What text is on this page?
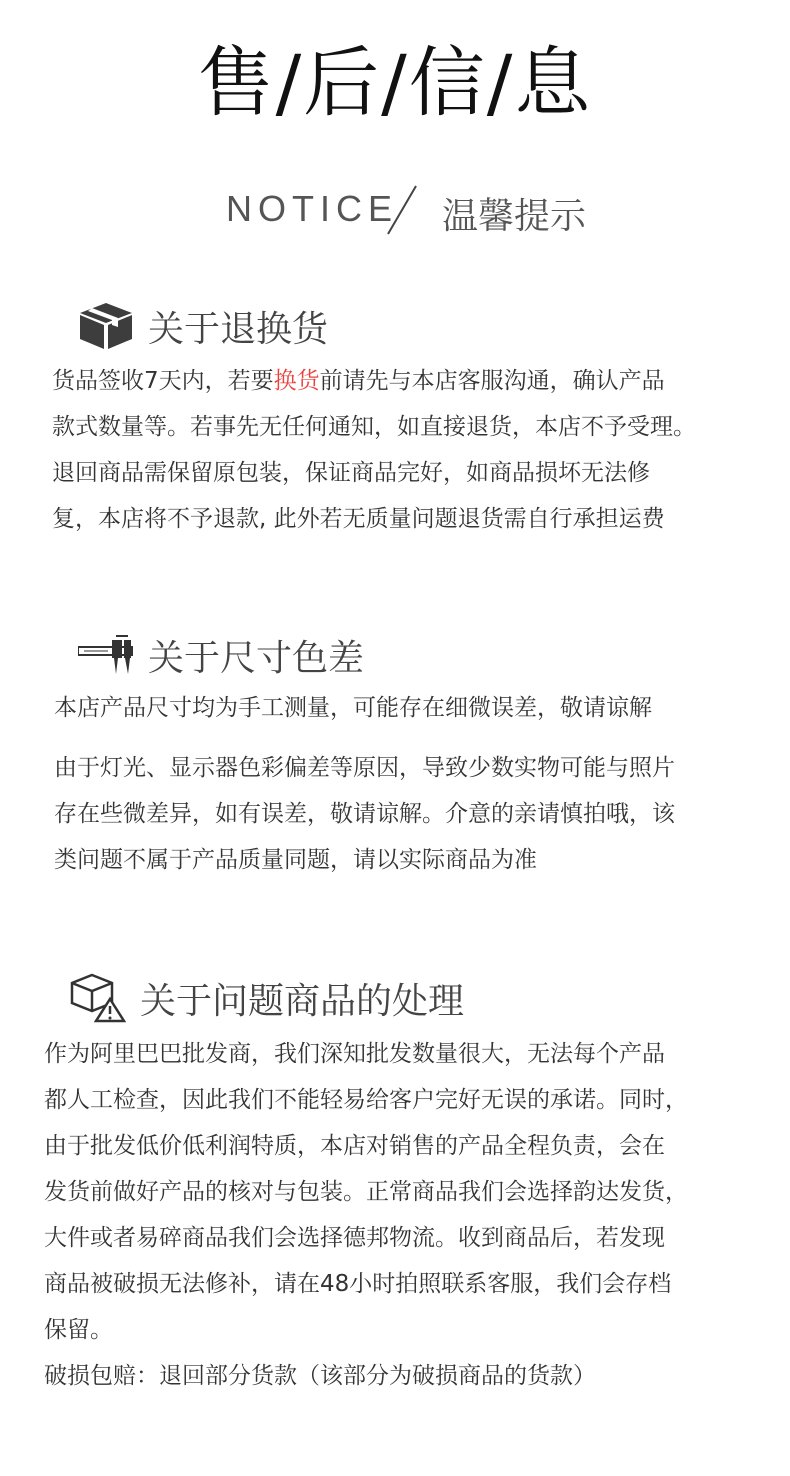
售/后/信/息
NOTICE 温馨提示
关于退换货
货品签收7天内，若要换货前请先与本店客服沟通，确认产品
款式数量等。若事先无任何通知，如直接退货，本店不予受理。
退回商品需保留原包装，保证商品完好，如商品损坏无法修
复，本店将不予退款, 此外若无质量问题退货需自行承担运费
关于尺寸色差
本店产品尺寸均为手工测量，可能存在细微误差，敬请谅解
由于灯光、显示器色彩偏差等原因，导致少数实物可能与照片
存在些微差异，如有误差，敬请谅解。介意的亲请慎拍哦，该
类问题不属于产品质量同题，请以实际商品为准
关于问题商品的处理
作为阿里巴巴批发商，我们深知批发数量很大，无法每个产品
都人工检查，因此我们不能轻易给客户完好无误的承诺。同时，
由于批发低价低利润特质，本店对销售的产品全程负责，会在
发货前做好产品的核对与包装。正常商品我们会选择韵达发货，
大件或者易碎商品我们会选择德邦物流。收到商品后，若发现
商品被破损无法修补，请在48小时拍照联系客服，我们会存档
保留。
破损包赔：退回部分货款（该部分为破损商品的货款）
